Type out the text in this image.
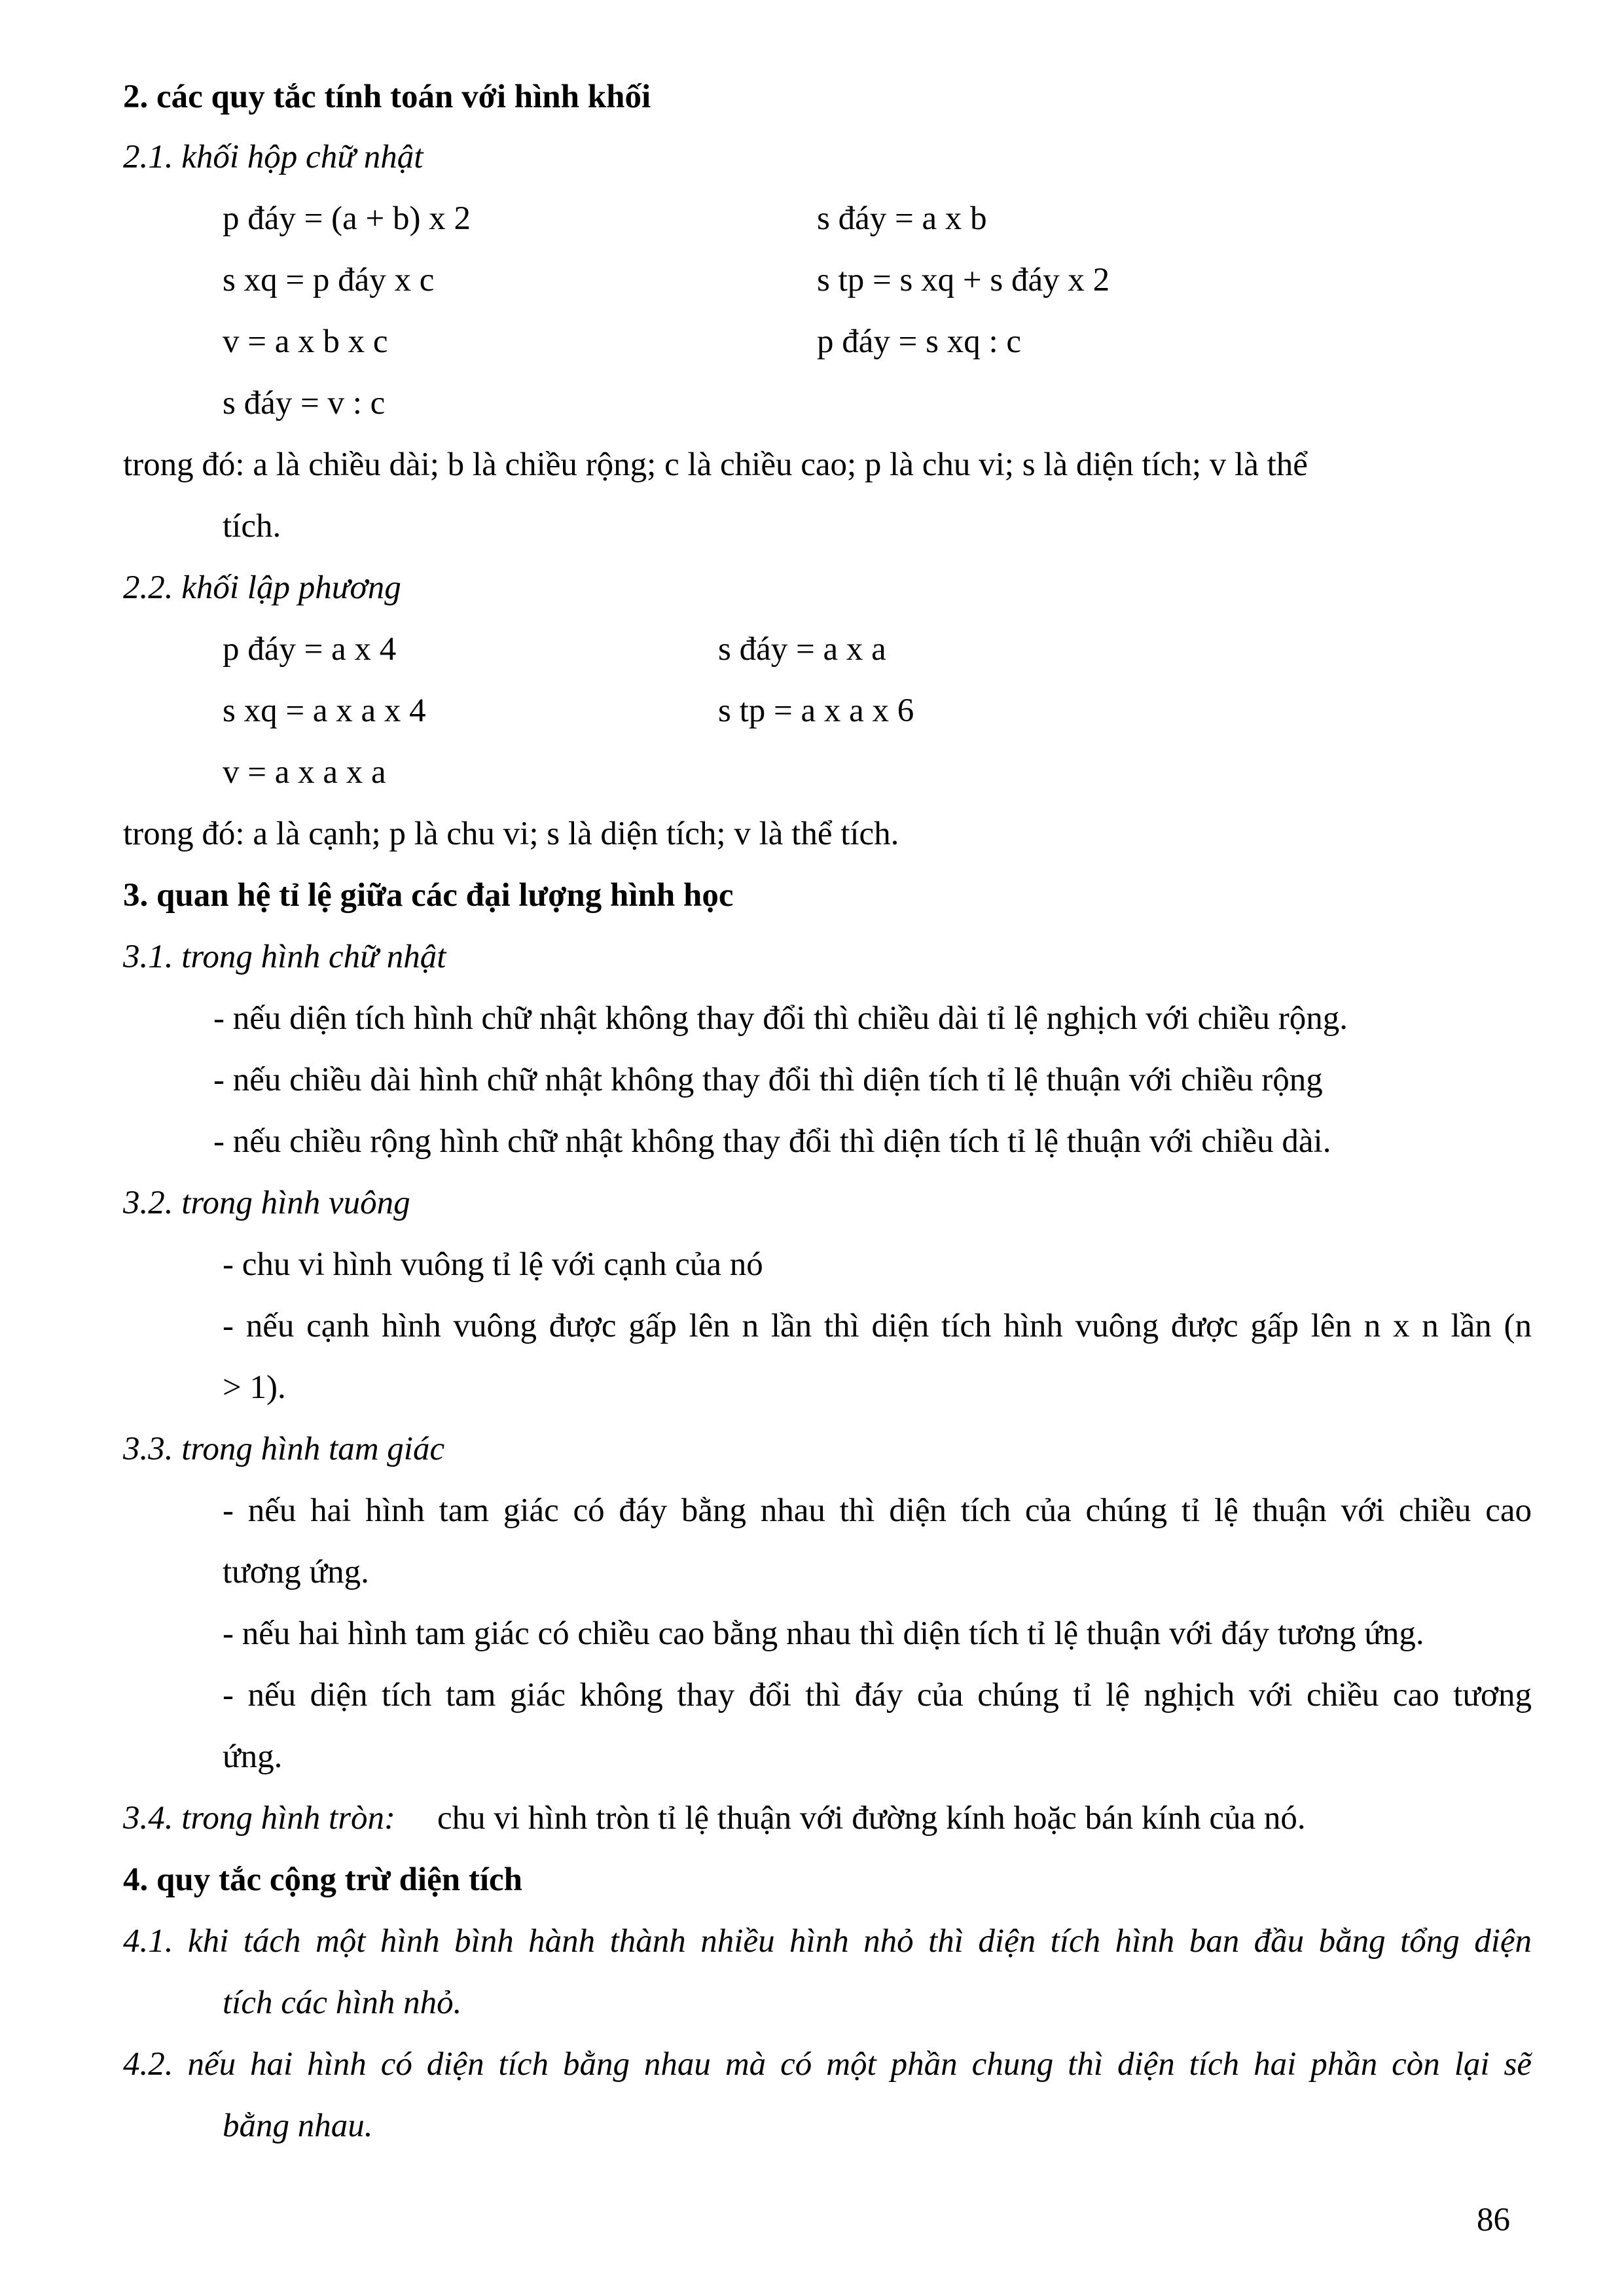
2. các quy tắc tính toán với hình khối
2.1. khối hộp chữ nhật
p đáy = (a + b) x 2	s đáy = a x b
s xq = p đáy x c	s tp = s xq + s đáy x 2
v = a x b x c	p đáy = s xq : c
s đáy = v : c
trong đó: a là chiều dài; b là chiều rộng; c là chiều cao; p là chu vi; s là diện tích; v là thể
tích.
2.2. khối lập phương
p đáy = a x 4	s đáy = a x a
s xq = a x a x 4	s tp = a x a x 6
v = a x a x a
trong đó: a là cạnh; p là chu vi; s là diện tích; v là thể tích.
3. quan hệ tỉ lệ giữa các đại lượng hình học
3.1. trong hình chữ nhật
- nếu diện tích hình chữ nhật không thay đổi thì chiều dài tỉ lệ nghịch với chiều rộng.
- nếu chiều dài hình chữ nhật không thay đổi thì diện tích tỉ lệ thuận với chiều rộng
- nếu chiều rộng hình chữ nhật không thay đổi thì diện tích tỉ lệ thuận với chiều dài.
3.2. trong hình vuông
- chu vi hình vuông tỉ lệ với cạnh của nó
- nếu cạnh hình vuông được gấp lên n lần thì diện tích hình vuông được gấp lên n x n lần (n
> 1).
3.3. trong hình tam giác
- nếu hai hình tam giác có đáy bằng nhau thì diện tích của chúng tỉ lệ thuận với chiều cao
tương ứng.
- nếu hai hình tam giác có chiều cao bằng nhau thì diện tích tỉ lệ thuận với đáy tương ứng.
- nếu diện tích tam giác không thay đổi thì đáy của chúng tỉ lệ nghịch với chiều cao tương
ứng.
3.4. trong hình tròn: chu vi hình tròn tỉ lệ thuận với đường kính hoặc bán kính của nó.
4. quy tắc cộng trừ diện tích
4.1. khi tách một hình bình hành thành nhiều hình nhỏ thì diện tích hình ban đầu bằng tổng diện
tích các hình nhỏ.
4.2. nếu hai hình có diện tích bằng nhau mà có một phần chung thì diện tích hai phần còn lại sẽ
bằng nhau.
86
